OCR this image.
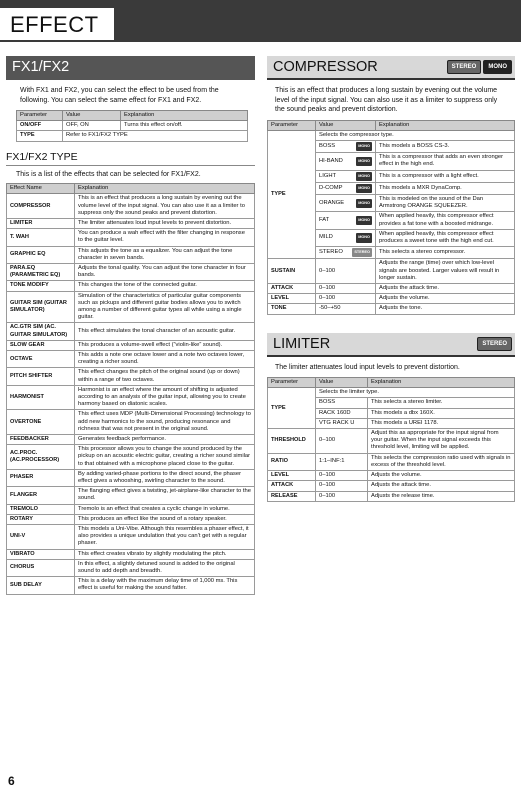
EFFECT
FX1/FX2

With FX1 and FX2, you can select the effect to be used from the following. You can select the same effect for FX1 and FX2.

Parameter	Value	Explanation
ON/OFF	OFF, ON	Turns this effect on/off.
TYPE	Refer to FX1/FX2 TYPE	
FX1/FX2 TYPE

This is a list of the effects that can be selected for FX1/FX2.

Effect Name	Explanation
COMPRESSOR	This is an effect that produces a long sustain by evening out the volume level of the input signal. You can also use it as a limiter to suppress only the sound peaks and prevent distortion.
LIMITER	The limiter attenuates loud input levels to prevent distortion.
T. WAH	You can produce a wah effect with the filter changing in response to the guitar level.
GRAPHIC EQ	This adjusts the tone as a equalizer. You can adjust the tone character in seven bands.
PARA.EQ (PARAMETRIC EQ)	Adjusts the tonal quality. You can adjust the tone character in four bands.
TONE MODIFY	This changes the tone of the connected guitar.
GUITAR SIM (GUITAR SIMULATOR)	Simulation of the characteristics of particular guitar components such as pickups and different guitar bodies allows you to switch among a number of different guitar types all while using a single guitar.
AC.GTR SIM (AC. GUITAR SIMULATOR)	This effect simulates the tonal character of an acoustic guitar.
SLOW GEAR	This produces a volume-swell effect (“violin-like” sound).
OCTAVE	This adds a note one octave lower and a note two octaves lower, creating a richer sound.
PITCH SHIFTER	This effect changes the pitch of the original sound (up or down) within a range of two octaves.
HARMONIST	Harmonist is an effect where the amount of shifting is adjusted according to an analysis of the guitar input, allowing you to create harmony based on diatonic scales.
OVERTONE	This effect uses MDP (Multi-Dimensional Processing) technology to add new harmonics to the sound, producing resonance and richness that was not present in the original sound.
FEEDBACKER	Generates feedback performance.
AC.PROC. (AC.PROCESSOR)	This processor allows you to change the sound produced by the pickup on an acoustic electric guitar, creating a richer sound similar to that obtained with a microphone placed close to the guitar.
PHASER	By adding varied-phase portions to the direct sound, the phaser effect gives a whooshing, swirling character to the sound.
FLANGER	The flanging effect gives a twisting, jet-airplane-like character to the sound.
TREMOLO	Tremolo is an effect that creates a cyclic change in volume.
ROTARY	This produces an effect like the sound of a rotary speaker.
UNI-V	This models a Uni-Vibe. Although this resembles a phaser effect, it also provides a unique undulation that you can’t get with a regular phaser.
VIBRATO	This effect creates vibrato by slightly modulating the pitch.
CHORUS	In this effect, a slightly detuned sound is added to the original sound to add depth and breadth.
SUB DELAY	This is a delay with the maximum delay time of 1,000 ms. This effect is useful for making the sound fatter.
COMPRESSOR	STEREO	MONO

This is an effect that produces a long sustain by evening out the volume level of the input signal. You can also use it as a limiter to suppress only the sound peaks and prevent distortion.

Parameter	Value	Explanation
TYPE	Selects the compressor type.	

	BOSS MONO	This models a BOSS CS-3.

	HI-BAND MONO	This is a compressor that adds an even stronger effect in the high end.

	LIGHT MONO	This is a compressor with a light effect.

	D-COMP MONO	This models a MXR DynaComp.

	ORANGE MONO	This is modeled on the sound of the Dan Armstrong ORANGE SQUEEZER.

	FAT MONO	When applied heavily, this compressor effect provides a fat tone with a boosted midrange.

	MILD MONO	When applied heavily, this compressor effect produces a sweet tone with the high end cut.

	STEREO STEREO	This selects a stereo compressor.
SUSTAIN	0–100	Adjusts the range (time) over which low-level signals are boosted. Larger values will result in longer sustain.
ATTACK	0–100	Adjusts the attack time.
LEVEL	0–100	Adjusts the volume.
TONE	-50–+50	Adjusts the tone.
LIMITER	STEREO

The limiter attenuates loud input levels to prevent distortion.

Parameter	Value	Explanation
TYPE	Selects the limiter type.	
	BOSS	This selects a stereo limiter.
	RACK 160D	This models a dbx 160X.
	VTG RACK U	This models a UREI 1178.
THRESHOLD	0–100	Adjust this as appropriate for the input signal from your guitar. When the input signal exceeds this threshold level, limiting will be applied.
RATIO	1:1–INF:1	This selects the compression ratio used with signals in excess of the threshold level.
LEVEL	0–100	Adjusts the volume.
ATTACK	0–100	Adjusts the attack time.
RELEASE	0–100	Adjusts the release time.
6
